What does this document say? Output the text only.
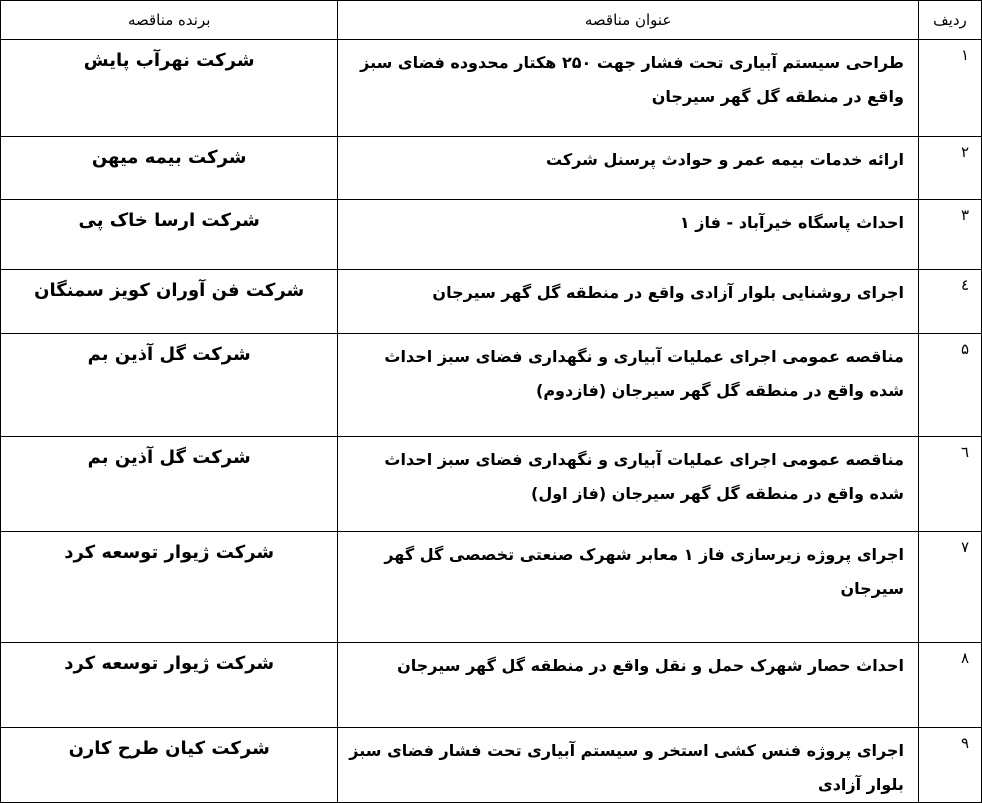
ردیف	عنوان مناقصه	برنده مناقصه
۱	طراحی سیستم آبیاری تحت فشار جهت ۲۵۰ هکتار محدوده فضای سبز واقع در منطقه گل گهر سیرجان	شرکت نهرآب پایش
۲	ارائه خدمات بیمه عمر و حوادث پرسنل شرکت	شرکت بیمه میهن
۳	احداث پاسگاه خیرآباد - فاز ۱	شرکت ارسا خاک پی
٤	اجرای روشنایی بلوار آزادی واقع در منطقه گل گهر سیرجان	شرکت فن آوران کویز سمنگان
۵	مناقصه عمومی اجرای عملیات آبیاری و نگهداری فضای سبز احداث شده واقع در منطقه گل گهر سیرجان (فازدوم)	شرکت گل آذین بم
٦	مناقصه عمومی اجرای عملیات آبیاری و نگهداری فضای سبز احداث شده واقع در منطقه گل گهر سیرجان (فاز اول)	شرکت گل آذین بم
۷	اجرای پروژه زیرسازی فاز ۱ معابر شهرک صنعتی تخصصی گل گهر سیرجان	شرکت ژیوار توسعه کرد
۸	احداث حصار شهرک حمل و نقل واقع در منطقه گل گهر سیرجان	شرکت ژیوار توسعه کرد
۹	اجرای پروژه فنس کشی استخر و سیستم آبیاری تحت فشار فضای سبز بلوار آزادی	شرکت کیان طرح کارن
